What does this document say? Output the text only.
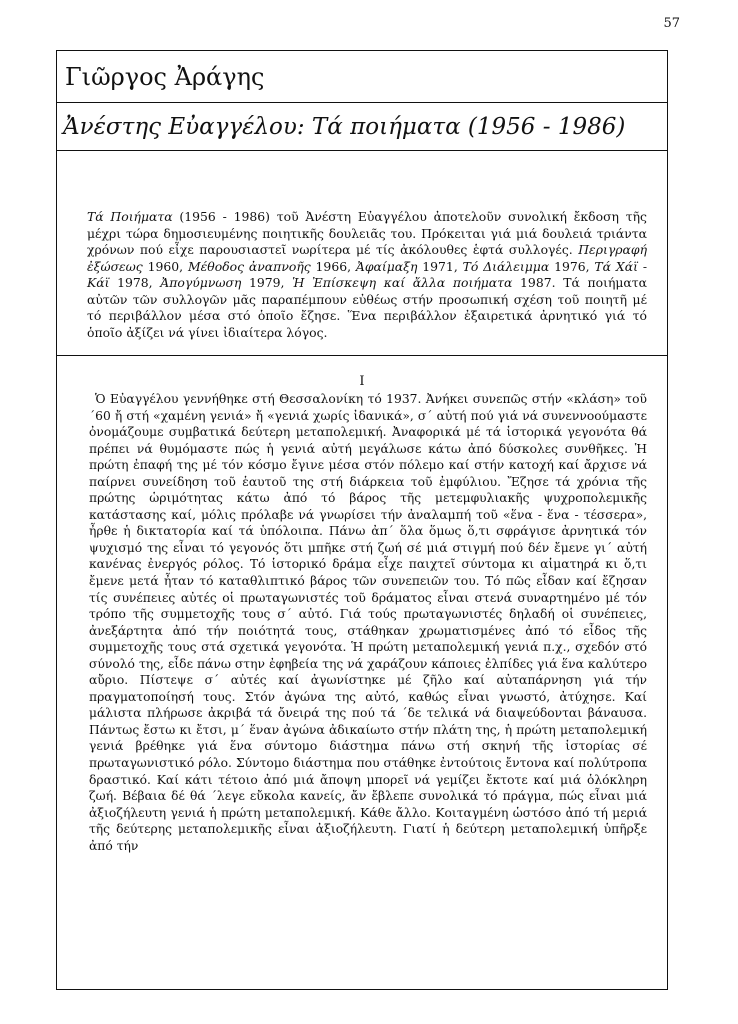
57
Γιῶργος Ἀράγης
Ἀνέστης Εὐαγγέλου: Τά ποιήματα (1956 - 1986)
Τά Ποιήματα (1956 - 1986) τοῦ Ἀνέστη Εὐαγγέλου ἀποτελοῦν συνολική ἔκδοση τῆς μέχρι τώρα δημοσιευμένης ποιητικῆς δουλειᾶς του. Πρόκειται γιά μιά δουλειά τριάντα χρόνων πού εἶχε παρουσιαστεῖ νωρίτερα μέ τίς ἀκόλουθες ἑφτά συλλογές. Περιγραφή ἐξώσεως 1960, Μέθοδος ἀναπνοῆς 1966, Ἀφαίμαξη 1971, Τό Διάλειμμα 1976, Τά Χάϊ - Κάϊ 1978, Ἀπογύμνωση 1979, Ἡ Ἐπίσκεψη καί ἄλλα ποιήματα 1987. Τά ποιήματα αὐτῶν τῶν συλλογῶν μᾶς παραπέμπουν εὐθέως στήν προσωπική σχέση τοῦ ποιητῆ μέ τό περιβάλλον μέσα στό ὁποῖο ἔζησε. Ἕνα περιβάλλον ἐξαιρετικά ἀρνητικό γιά τό ὁποῖο ἀξίζει νά γίνει ἰδιαίτερα λόγος.
I
Ὁ Εὐαγγέλου γεννήθηκε στή Θεσσαλονίκη τό 1937. Ἀνήκει συνεπῶς στήν «κλάση» τοῦ ΄60 ἤ στή «χαμένη γενιά» ἤ «γενιά χωρίς ἰδανικά», σ΄ αὐτή πού γιά νά συνεννοούμαστε ὀνομάζουμε συμβατικά δεύτερη μεταπολεμική. Ἀναφορικά μέ τά ἱστορικά γεγονότα θά πρέπει νά θυμόμαστε πώς ἡ γενιά αὐτή μεγάλωσε κάτω ἀπό δύσκολες συνθῆκες. Ἡ πρώτη ἐπαφή της μέ τόν κόσμο ἔγινε μέσα στόν πόλεμο καί στήν κατοχή καί ἄρχισε νά παίρνει συνείδηση τοῦ ἑαυτοῦ της στή διάρκεια τοῦ ἐμφύλιου. Ἔζησε τά χρόνια τῆς πρώτης ὡριμότητας κάτω ἀπό τό βάρος τῆς μετεμφυλιακῆς ψυχροπολεμικῆς κατάστασης καί, μόλις πρόλαβε νά γνωρίσει τήν ἀναλαμπή τοῦ «ἕνα - ἕνα - τέσσερα», ἦρθε ἡ δικτατορία καί τά ὑπόλοιπα. Πάνω ἀπ΄ ὅλα ὅμως ὅ,τι σφράγισε ἀρνητικά τόν ψυχισμό της εἶναι τό γεγονός ὅτι μπῆκε στή ζωή σέ μιά στιγμή πού δέν ἔμενε γι΄ αὐτή κανένας ἐνεργός ρόλος. Τό ἱστορικό δράμα εἶχε παιχτεῖ σύντομα κι αἱματηρά κι ὅ,τι ἔμενε μετά ἦταν τό καταθλιπτικό βάρος τῶν συνεπειῶν του. Τό πῶς εἶδαν καί ἔζησαν τίς συνέπειες αὐτές οἱ πρωταγωνιστές τοῦ δράματος εἶναι στενά συναρτημένο μέ τόν τρόπο τῆς συμμετοχῆς τους σ΄ αὐτό. Γιά τούς πρωταγωνιστές δηλαδή οἱ συνέπειες, ἀνεξάρτητα ἀπό τήν ποιότητά τους, στάθηκαν χρωματισμένες ἀπό τό εἶδος τῆς συμμετοχῆς τους στά σχετικά γεγονότα. Ἡ πρώτη μεταπολεμική γενιά π.χ., σχεδόν στό σύνολό της, εἶδε πάνω στην ἐφηβεία της νά χαράζουν κάποιες ἐλπίδες γιά ἕνα καλύτερο αὔριο. Πίστεψε σ΄ αὐτές καί ἀγωνίστηκε μέ ζῆλο καί αὐταπάρνηση γιά τήν πραγματοποίησή τους. Στόν ἀγώνα της αὐτό, καθώς εἶναι γνωστό, ἀτύχησε. Καί μάλιστα πλήρωσε ἀκριβά τά ὄνειρά της πού τά ΄δε τελικά νά διαψεύδονται βάναυσα. Πάντως ἔστω κι ἔτσι, μ΄ ἕναν ἀγώνα ἀδικαίωτο στήν πλάτη της, ἡ πρώτη μεταπολεμική γενιά βρέθηκε γιά ἕνα σύντομο διάστημα πάνω στή σκηνή τῆς ἱστορίας σέ πρωταγωνιστικό ρόλο. Σύντομο διάστημα που στάθηκε ἐντούτοις ἔντονα καί πολύτροπα δραστικό. Καί κάτι τέτοιο ἀπό μιά ἄποψη μπορεῖ νά γεμίζει ἔκτοτε καί μιά ὁλόκληρη ζωή. Βέβαια δέ θά ΄λεγε εὔκολα κανείς, ἄν ἔβλεπε συνολικά τό πράγμα, πώς εἶναι μιά ἀξιοζήλευτη γενιά ἡ πρώτη μεταπολεμική. Κάθε ἄλλο. Κοιταγμένη ὡστόσο ἀπό τή μεριά τῆς δεύτερης μεταπολεμικῆς εἶναι ἀξιοζήλευτη. Γιατί ἡ δεύτερη μεταπολεμική ὑπῆρξε ἀπό τήν
